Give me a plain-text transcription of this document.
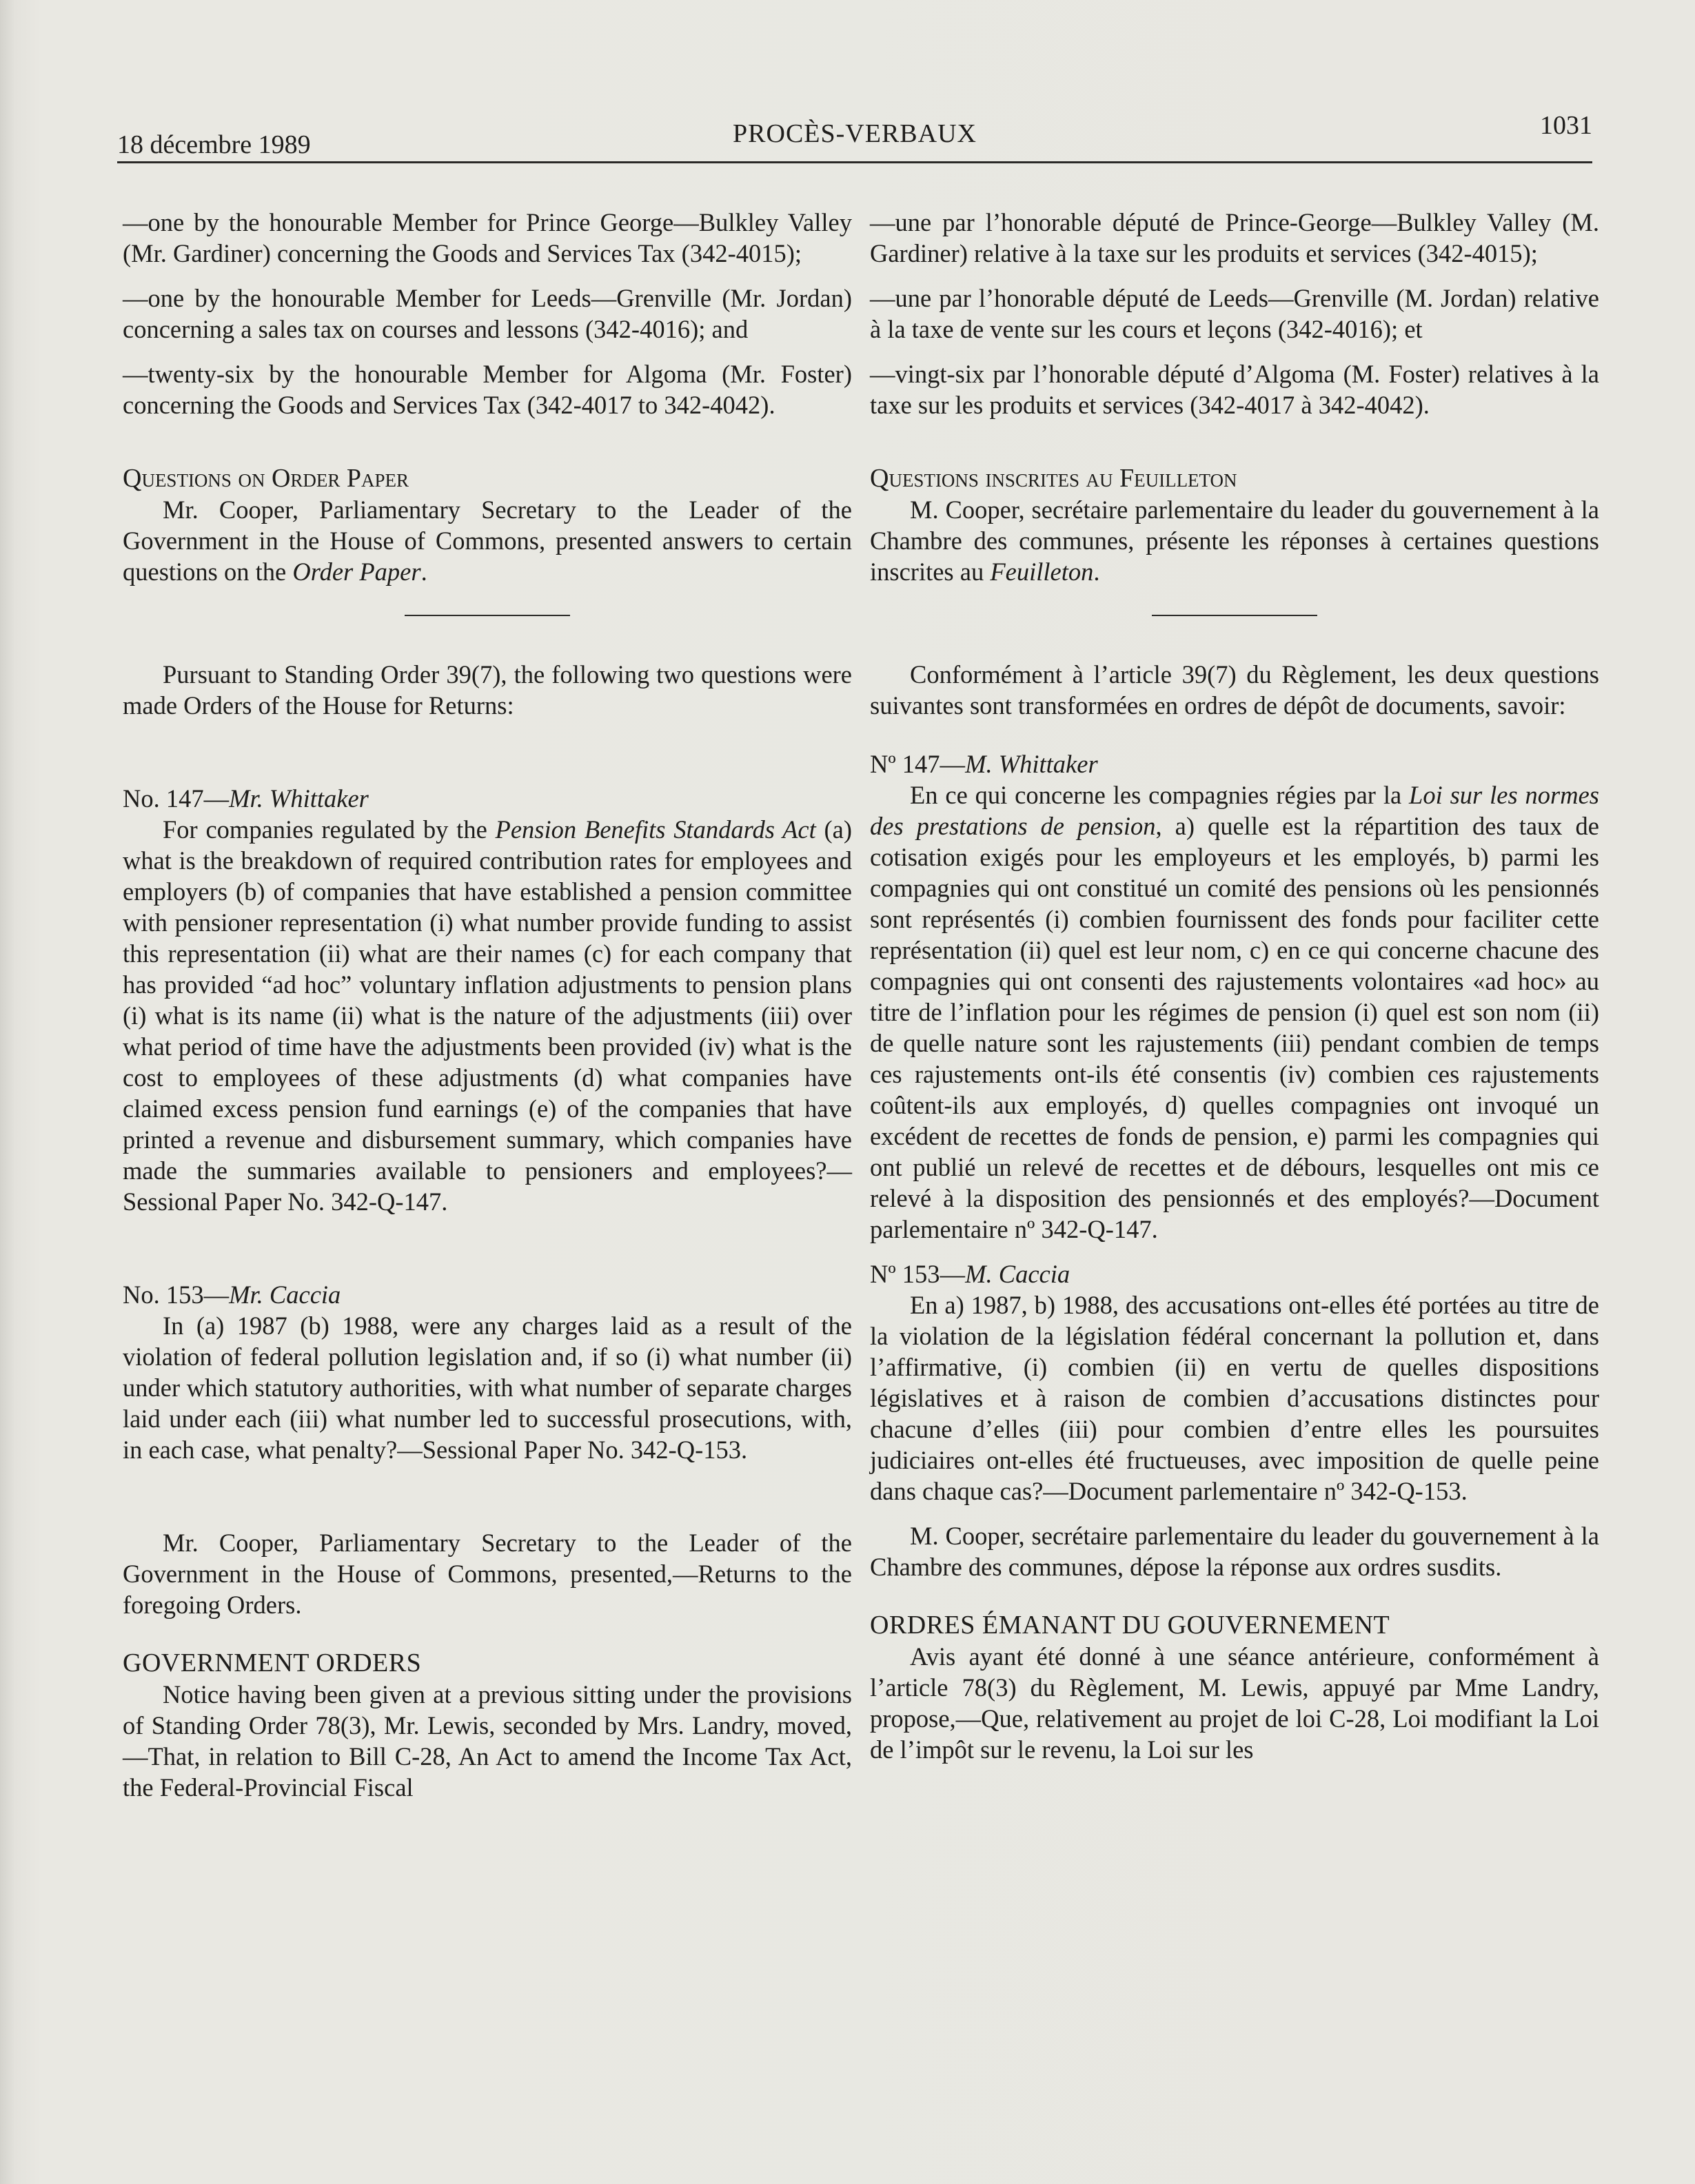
18 décembre 1989	PROCÈS-VERBAUX	1031

—one by the honourable Member for Prince George—Bulkley Valley (Mr. Gardiner) concerning the Goods and Services Tax (342-4015);

—one by the honourable Member for Leeds—Grenville (Mr. Jordan) concerning a sales tax on courses and lessons (342-4016); and

—twenty-six by the honourable Member for Algoma (Mr. Foster) concerning the Goods and Services Tax (342-4017 to 342-4042).

Questions on Order Paper

Mr. Cooper, Parliamentary Secretary to the Leader of the Government in the House of Commons, presented answers to certain questions on the Order Paper.

Pursuant to Standing Order 39(7), the following two questions were made Orders of the House for Returns:

No. 147—Mr. Whittaker

For companies regulated by the Pension Benefits Standards Act (a) what is the breakdown of required contribution rates for employees and employers (b) of companies that have established a pension committee with pensioner representation (i) what number provide funding to assist this representation (ii) what are their names (c) for each company that has provided “ad hoc” voluntary inflation adjustments to pension plans (i) what is its name (ii) what is the nature of the adjustments (iii) over what period of time have the adjustments been provided (iv) what is the cost to employees of these adjustments (d) what companies have claimed excess pension fund earnings (e) of the companies that have printed a revenue and disbursement summary, which companies have made the summaries available to pensioners and employees?—Sessional Paper No. 342-Q-147.

No. 153—Mr. Caccia

In (a) 1987 (b) 1988, were any charges laid as a result of the violation of federal pollution legislation and, if so (i) what number (ii) under which statutory authorities, with what number of separate charges laid under each (iii) what number led to successful prosecutions, with, in each case, what penalty?—Sessional Paper No. 342-Q-153.

Mr. Cooper, Parliamentary Secretary to the Leader of the Government in the House of Commons, presented,—Returns to the foregoing Orders.

GOVERNMENT ORDERS

Notice having been given at a previous sitting under the provisions of Standing Order 78(3), Mr. Lewis, seconded by Mrs. Landry, moved,—That, in relation to Bill C-28, An Act to amend the Income Tax Act, the Federal-Provincial Fiscal

—une par l’honorable député de Prince-George—Bulkley Valley (M. Gardiner) relative à la taxe sur les produits et services (342-4015);

—une par l’honorable député de Leeds—Grenville (M. Jordan) relative à la taxe de vente sur les cours et leçons (342-4016); et

—vingt-six par l’honorable député d’Algoma (M. Foster) relatives à la taxe sur les produits et services (342-4017 à 342-4042).

Questions inscrites au Feuilleton

M. Cooper, secrétaire parlementaire du leader du gouvernement à la Chambre des communes, présente les réponses à certaines questions inscrites au Feuilleton.

Conformément à l’article 39(7) du Règlement, les deux questions suivantes sont transformées en ordres de dépôt de documents, savoir:

Nº 147—M. Whittaker

En ce qui concerne les compagnies régies par la Loi sur les normes des prestations de pension, a) quelle est la répartition des taux de cotisation exigés pour les employeurs et les employés, b) parmi les compagnies qui ont constitué un comité des pensions où les pensionnés sont représentés (i) combien fournissent des fonds pour faciliter cette représentation (ii) quel est leur nom, c) en ce qui concerne chacune des compagnies qui ont consenti des rajustements volontaires «ad hoc» au titre de l’inflation pour les régimes de pension (i) quel est son nom (ii) de quelle nature sont les rajustements (iii) pendant combien de temps ces rajustements ont-ils été consentis (iv) combien ces rajustements coûtent-ils aux employés, d) quelles compagnies ont invoqué un excédent de recettes de fonds de pension, e) parmi les compagnies qui ont publié un relevé de recettes et de débours, lesquelles ont mis ce relevé à la disposition des pensionnés et des employés?—Document parlementaire nº 342-Q-147.

Nº 153—M. Caccia

En a) 1987, b) 1988, des accusations ont-elles été portées au titre de la violation de la législation fédéral concernant la pollution et, dans l’affirmative, (i) combien (ii) en vertu de quelles dispositions législatives et à raison de combien d’accusations distinctes pour chacune d’elles (iii) pour combien d’entre elles les poursuites judiciaires ont-elles été fructueuses, avec imposition de quelle peine dans chaque cas?—Document parlementaire nº 342-Q-153.

M. Cooper, secrétaire parlementaire du leader du gouvernement à la Chambre des communes, dépose la réponse aux ordres susdits.

ORDRES ÉMANANT DU GOUVERNEMENT

Avis ayant été donné à une séance antérieure, conformément à l’article 78(3) du Règlement, M. Lewis, appuyé par Mme Landry, propose,—Que, relativement au projet de loi C-28, Loi modifiant la Loi de l’impôt sur le revenu, la Loi sur les
